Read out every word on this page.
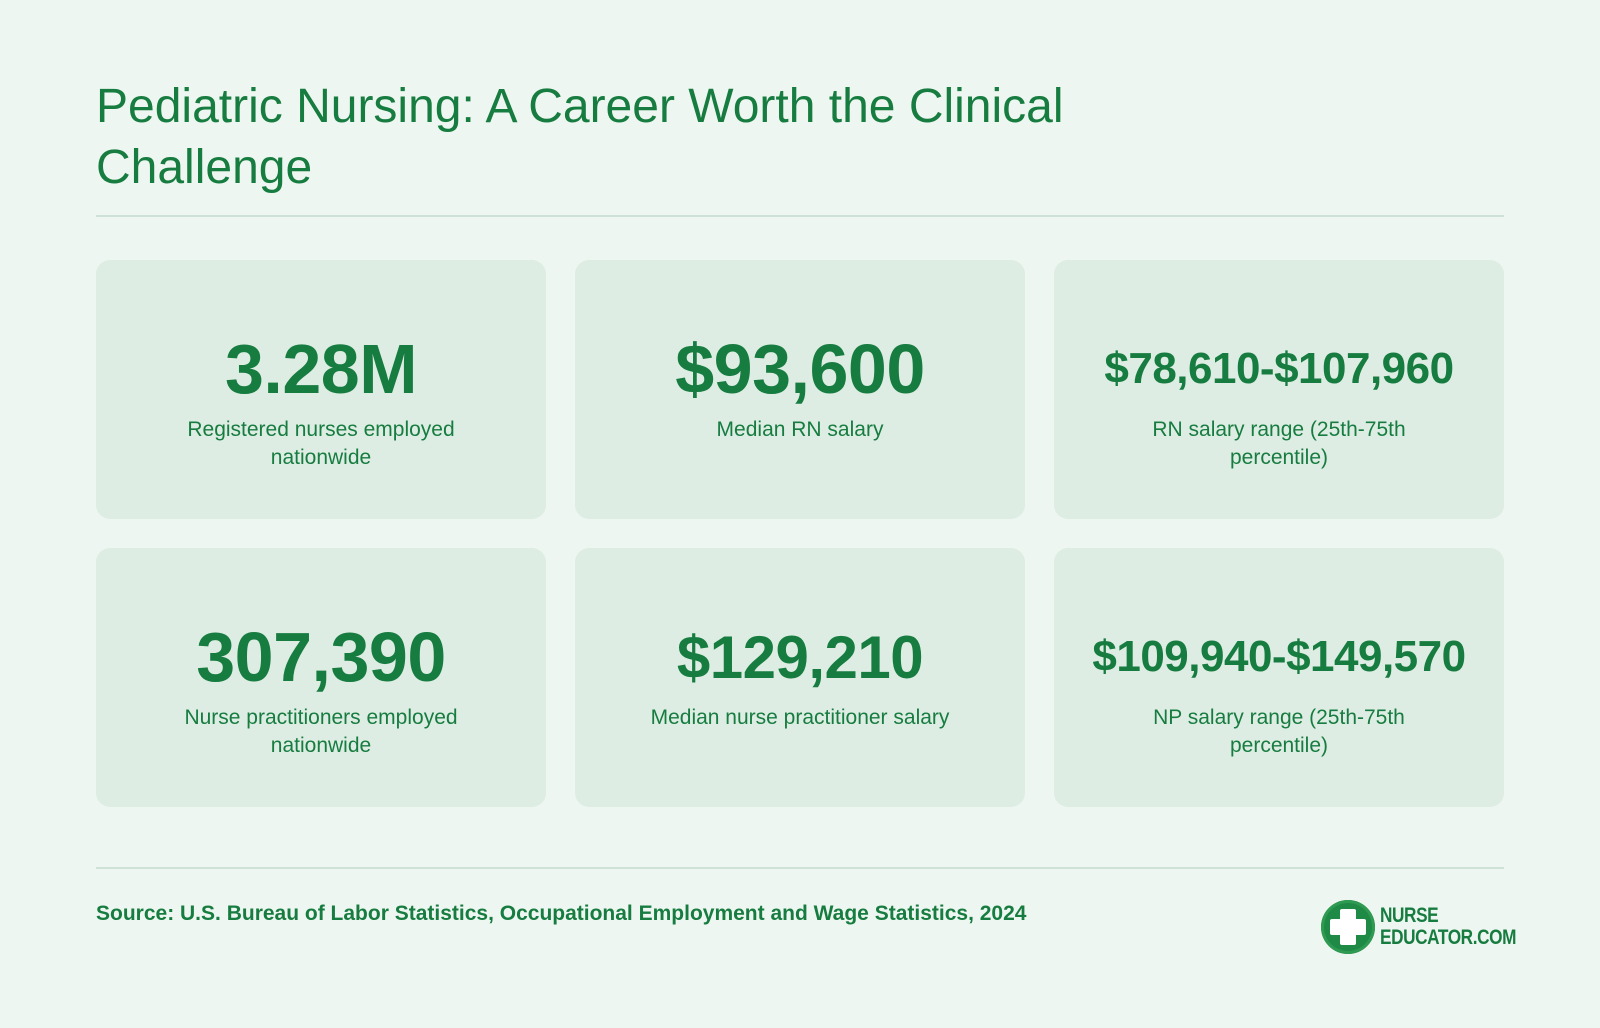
Pediatric Nursing: A Career Worth the Clinical Challenge
3.28M
Registered nurses employed nationwide
$93,600
Median RN salary
$78,610-$107,960
RN salary range (25th-75th percentile)
307,390
Nurse practitioners employed nationwide
$129,210
Median nurse practitioner salary
$109,940-$149,570
NP salary range (25th-75th percentile)
Source: U.S. Bureau of Labor Statistics, Occupational Employment and Wage Statistics, 2024	NURSE
EDUCATOR.COM
